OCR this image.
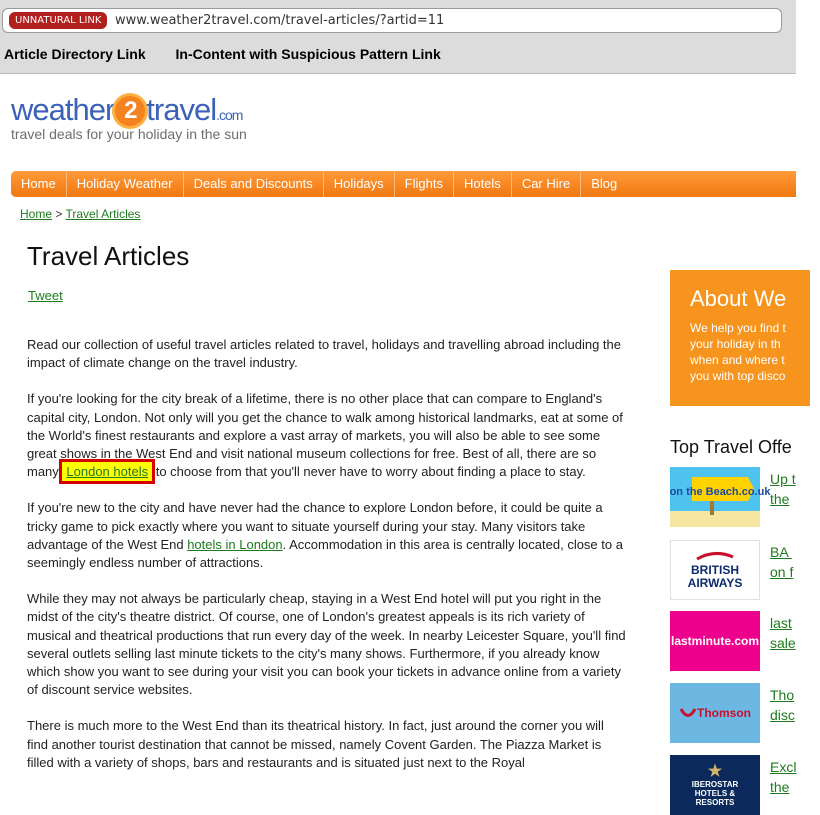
UNNATURAL LINK	www.weather2travel.com/travel-articles/?artid=11
Article Directory Link In-Content with Suspicious Pattern Link
weather 2 travel.com
travel deals for your holiday in the sun
Home	Holiday Weather	Deals and Discounts	Holidays	Flights	Hotels	Car Hire	Blog
Home > Travel Articles
Travel Articles
Tweet

Read our collection of useful travel articles related to travel, holidays and travelling abroad including the impact of climate change on the travel industry.

If you're looking for the city break of a lifetime, there is no other place that can compare to England's capital city, London. Not only will you get the chance to walk among historical landmarks, eat at some of the World's finest restaurants and explore a vast array of markets, you will also be able to see some great shows in the West End and visit national museum collections for free. Best of all, there are so many London hotels to choose from that you'll never have to worry about finding a place to stay.

If you're new to the city and have never had the chance to explore London before, it could be quite a tricky game to pick exactly where you want to situate yourself during your stay. Many visitors take advantage of the West End hotels in London. Accommodation in this area is centrally located, close to a seemingly endless number of attractions.

While they may not always be particularly cheap, staying in a West End hotel will put you right in the midst of the city's theatre district. Of course, one of London's greatest appeals is its rich variety of musical and theatrical productions that run every day of the week. In nearby Leicester Square, you'll find several outlets selling last minute tickets to the city's many shows. Furthermore, if you already know which show you want to see during your visit you can book your tickets in advance online from a variety of discount service websites.

There is much more to the West End than its theatrical history. In fact, just around the corner you will find another tourist destination that cannot be missed, namely Covent Garden. The Piazza Market is filled with a variety of shops, bars and restaurants and is situated just next to the Royal

About We
We help you find t
your holiday in th
when and where t
you with top disco
Top Travel Offe
on the Beach.co.uk
Up t
the
BRITISH AIRWAYS
BA
on f
lastminute.com
last
sale
Thomson
Tho
disc
★
IBEROSTAR HOTELS & RESORTS
Excl
the
